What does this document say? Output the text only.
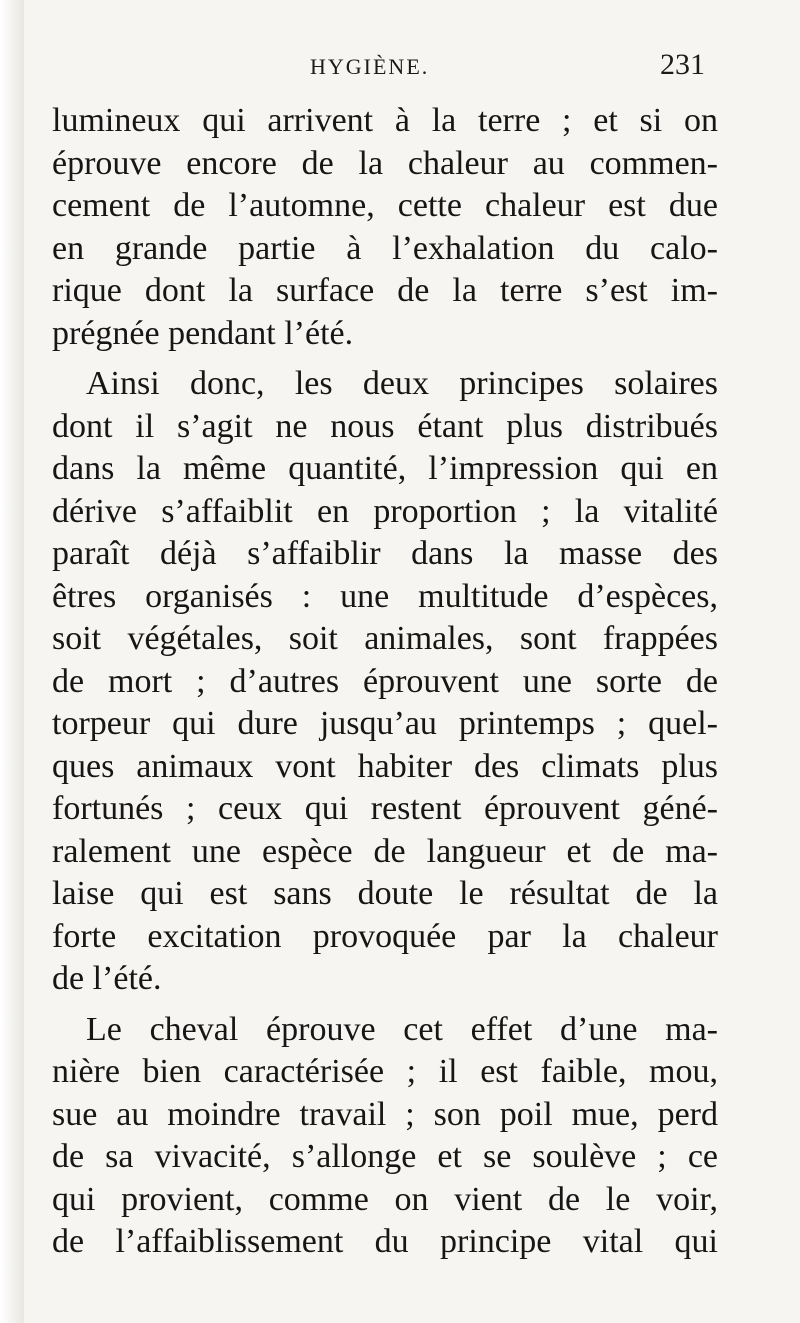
HYGIÈNE.	231

lumineux qui arrivent à la terre ; et si on
éprouve encore de la chaleur au commen-
cement de l’automne, cette chaleur est due
en grande partie à l’exhalation du calo-
rique dont la surface de la terre s’est im-
prégnée pendant l’été.

Ainsi donc, les deux principes solaires
dont il s’agit ne nous étant plus distribués
dans la même quantité, l’impression qui en
dérive s’affaiblit en proportion ; la vitalité
paraît déjà s’affaiblir dans la masse des
êtres organisés : une multitude d’espèces,
soit végétales, soit animales, sont frappées
de mort ; d’autres éprouvent une sorte de
torpeur qui dure jusqu’au printemps ; quel-
ques animaux vont habiter des climats plus
fortunés ; ceux qui restent éprouvent géné-
ralement une espèce de langueur et de ma-
laise qui est sans doute le résultat de la
forte excitation provoquée par la chaleur
de l’été.

Le cheval éprouve cet effet d’une ma-
nière bien caractérisée ; il est faible, mou,
sue au moindre travail ; son poil mue, perd
de sa vivacité, s’allonge et se soulève ; ce
qui provient, comme on vient de le voir,
de l’affaiblissement du principe vital qui
